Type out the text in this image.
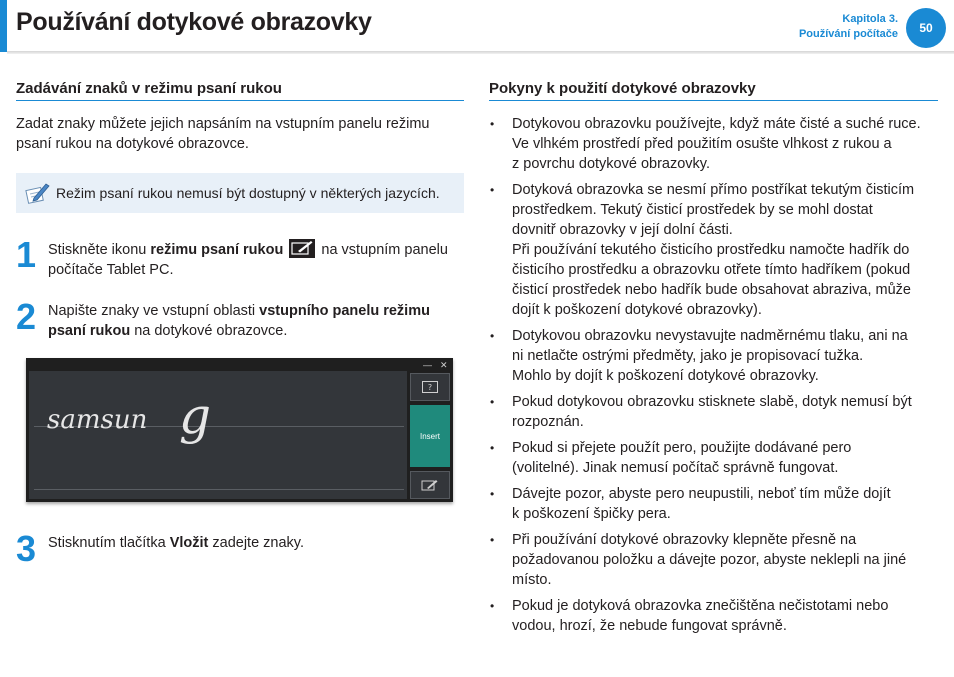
Používání dotykové obrazovky	Kapitola 3.
Používání počítače	50
Zadávání znaků v režimu psaní rukou

Zadat znaky můžete jejich napsáním na vstupním panelu režimu
psaní rukou na dotykové obrazovce.

Režim psaní rukou nemusí být dostupný v některých jazycích.
1 Stiskněte ikonu režimu psaní rukou  na vstupním panelu
počítače Tablet PC.

2 Napište znaky ve vstupní oblasti vstupního panelu režimu
psaní rukou na dotykové obrazovce.

— ✕
samsun g	?
Insert
3 Stisknutím tlačítka Vložit zadejte znaky.

Pokyny k použití dotykové obrazovky
• Dotykovou obrazovku používejte, když máte čisté a suché ruce.
Ve vlhkém prostředí před použitím osušte vlhkost z rukou a
z povrchu dotykové obrazovky.
• Dotyková obrazovka se nesmí přímo postříkat tekutým čisticím
prostředkem. Tekutý čisticí prostředek by se mohl dostat
dovnitř obrazovky v její dolní části.
Při používání tekutého čisticího prostředku namočte hadřík do
čisticího prostředku a obrazovku otřete tímto hadříkem (pokud
čisticí prostředek nebo hadřík bude obsahovat abraziva, může
dojít k poškození dotykové obrazovky).
• Dotykovou obrazovku nevystavujte nadměrnému tlaku, ani na
ni netlačte ostrými předměty, jako je propisovací tužka.
Mohlo by dojít k poškození dotykové obrazovky.
• Pokud dotykovou obrazovku stisknete slabě, dotyk nemusí být
rozpoznán.
• Pokud si přejete použít pero, použijte dodávané pero
(volitelné). Jinak nemusí počítač správně fungovat.
• Dávejte pozor, abyste pero neupustili, neboť tím může dojít
k poškození špičky pera.
• Při používání dotykové obrazovky klepněte přesně na
požadovanou položku a dávejte pozor, abyste neklepli na jiné
místo.
• Pokud je dotyková obrazovka znečištěna nečistotami nebo
vodou, hrozí, že nebude fungovat správně.
